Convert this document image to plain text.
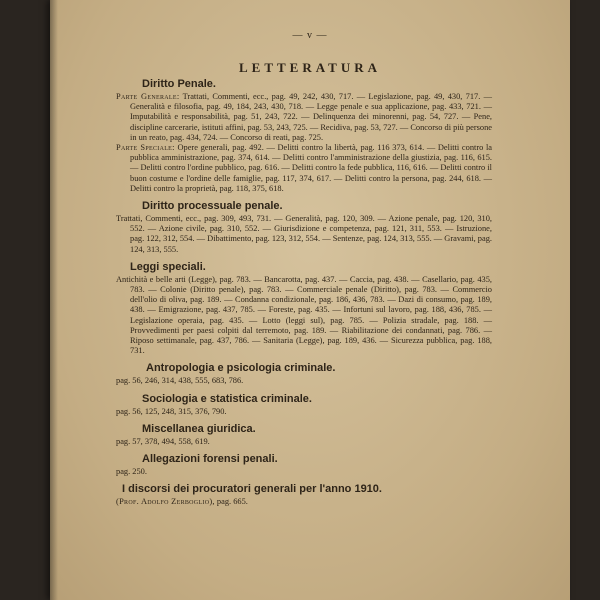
— v —
LETTERATURA
Diritto Penale.

Parte Generale: Trattati, Commenti, ecc., pag. 49, 242, 430, 717. — Legislazione, pag. 49, 430, 717. — Generalità e filosofia, pag. 49, 184, 243, 430, 718. — Legge penale e sua applicazione, pag. 433, 721. — Imputabilità e responsabilità, pag. 51, 243, 722. — Delinquenza dei minorenni, pag. 54, 727. — Pene, discipline carcerarie, istituti affini, pag. 53, 243, 725. — Recidiva, pag. 53, 727. — Concorso di più persone in un reato, pag. 434, 724. — Concorso di reati, pag. 725.

Parte Speciale: Opere generali, pag. 492. — Delitti contro la libertà, pag. 116 373, 614. — Delitti contro la pubblica amministrazione, pag. 374, 614. — Delitti contro l'amministrazione della giustizia, pag. 116, 615. — Delitti contro l'ordine pubblico, pag. 616. — Delitti contro la fede pubblica, 116, 616. — Delitti contro il buon costume e l'ordine delle famiglie, pag. 117, 374, 617. — Delitti contro la persona, pag. 244, 618. — Delitti contro la proprietà, pag. 118, 375, 618.

Diritto processuale penale.

Trattati, Commenti, ecc., pag. 309, 493, 731. — Generalità, pag. 120, 309. — Azione penale, pag. 120, 310, 552. — Azione civile, pag. 310, 552. — Giurisdizione e competenza, pag. 121, 311, 553. — Istruzione, pag. 122, 312, 554. — Dibattimento, pag. 123, 312, 554. — Sentenze, pag. 124, 313, 555. — Gravami, pag. 124, 313, 555.

Leggi speciali.

Antichità e belle arti (Legge), pag. 783. — Bancarotta, pag. 437. — Caccia, pag. 438. — Casellario, pag. 435, 783. — Colonie (Diritto penale), pag. 783. — Commerciale penale (Diritto), pag. 783. — Commercio dell'olio di oliva, pag. 189. — Condanna condizionale, pag. 186, 436, 783. — Dazi di consumo, pag. 189, 438. — Emigrazione, pag. 437, 785. — Foreste, pag. 435. — Infortuni sul lavoro, pag. 188, 436, 785. — Legislazione operaia, pag. 435. — Lotto (leggi sul), pag. 785. — Polizia stradale, pag. 188. — Provvedimenti per paesi colpiti dal terremoto, pag. 189. — Riabilitazione dei condannati, pag. 786. — Riposo settimanale, pag. 437, 786. — Sanitaria (Legge), pag. 189, 436. — Sicurezza pubblica, pag. 188, 731.

Antropologia e psicologia criminale.

pag. 56, 246, 314, 438, 555, 683, 786.

Sociologia e statistica criminale.

pag. 56, 125, 248, 315, 376, 790.

Miscellanea giuridica.

pag. 57, 378, 494, 558, 619.

Allegazioni forensi penali.

pag. 250.

I discorsi dei procuratori generali per l'anno 1910.

(Prof. Adolfo Zerboglio), pag. 665.
